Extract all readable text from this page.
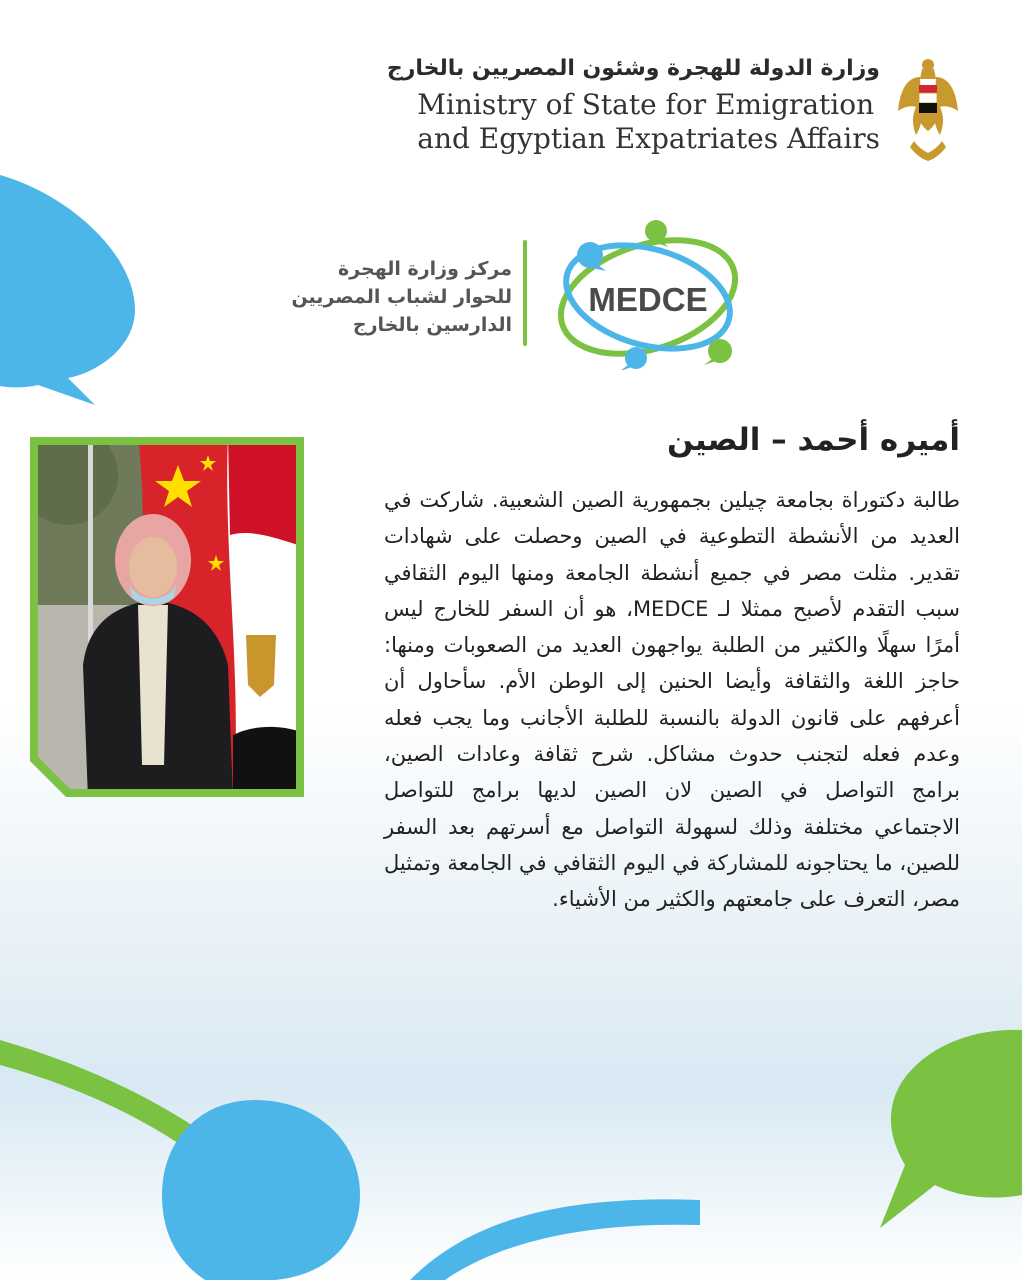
وزارة الدولة للهجرة وشئون المصريين بالخارج
Ministry of State for Emigration
and Egyptian Expatriates Affairs
مركز وزارة الهجرة
للحوار لشباب المصريين
الدارسين بالخارج
MEDCE
أميره أحمد – الصين
طالبة دكتوراة بجامعة چيلين بجمهورية الصين الشعبية. شاركت في العديد من الأنشطة التطوعية في الصين وحصلت على شهادات تقدير. مثلت مصر في جميع أنشطة الجامعة ومنها اليوم الثقافي سبب التقدم لأصبح ممثلا لـ MEDCE، هو أن السفر للخارج ليس أمرًا سهلًا والكثير من الطلبة يواجهون العديد من الصعوبات ومنها: حاجز اللغة والثقافة وأيضا الحنين إلى الوطن الأم. سأحاول أن أعرفهم على قانون الدولة بالنسبة للطلبة الأجانب وما يجب فعله وعدم فعله لتجنب حدوث مشاكل. شرح ثقافة وعادات الصين، برامج التواصل في الصين لان الصين لديها برامج للتواصل الاجتماعي مختلفة وذلك لسهولة التواصل مع أسرتهم بعد السفر للصين، ما يحتاجونه للمشاركة في اليوم الثقافي في الجامعة وتمثيل مصر، التعرف على جامعتهم والكثير من الأشياء.
